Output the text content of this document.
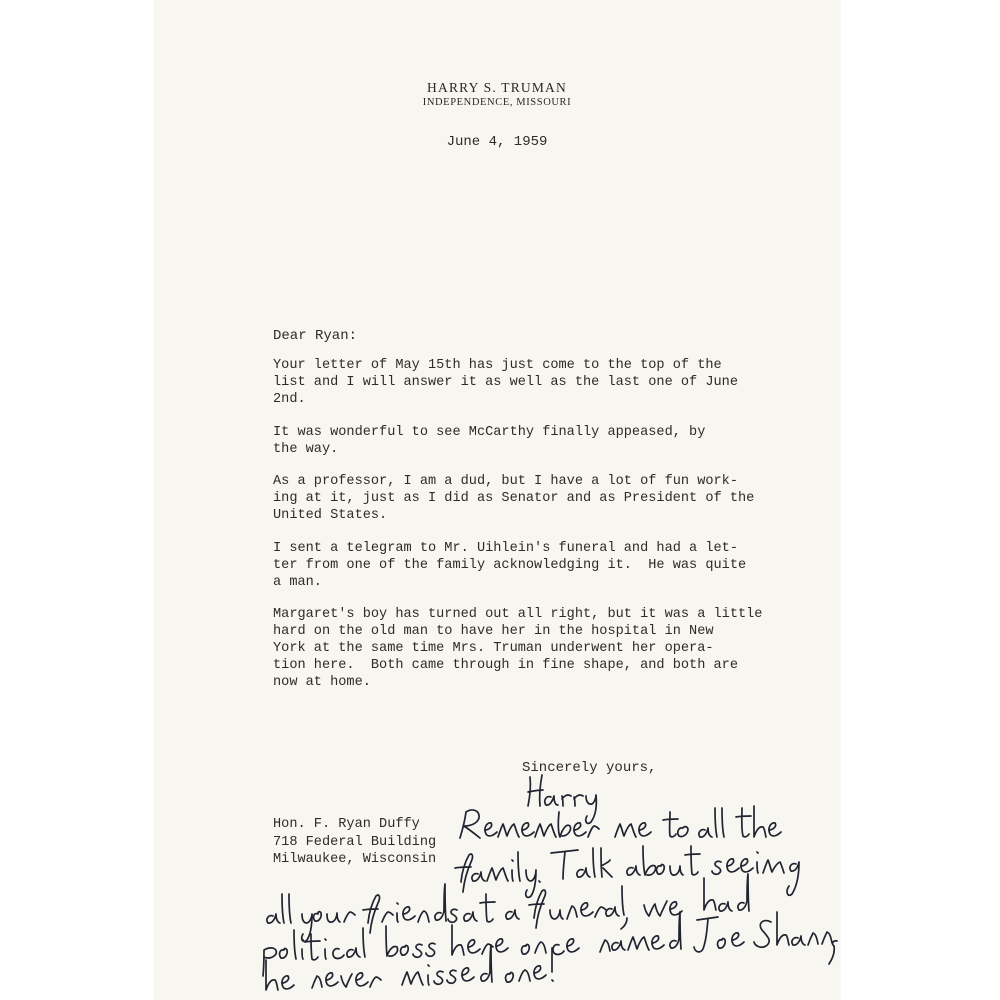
HARRY S. TRUMAN
INDEPENDENCE, MISSOURI
June 4, 1959
Dear Ryan:

Your letter of May 15th has just come to the top of the
list and I will answer it as well as the last one of June
2nd.

It was wonderful to see McCarthy finally appeased, by
the way.

As a professor, I am a dud, but I have a lot of fun work-
ing at it, just as I did as Senator and as President of the
United States.

I sent a telegram to Mr. Uihlein's funeral and had a let-
ter from one of the family acknowledging it.  He was quite
a man.

Margaret's boy has turned out all right, but it was a little
hard on the old man to have her in the hospital in New
York at the same time Mrs. Truman underwent her opera-
tion here.  Both came through in fine shape, and both are
now at home.

Sincerely yours,
Hon. F. Ryan Duffy
718 Federal Building
Milwaukee, Wisconsin
